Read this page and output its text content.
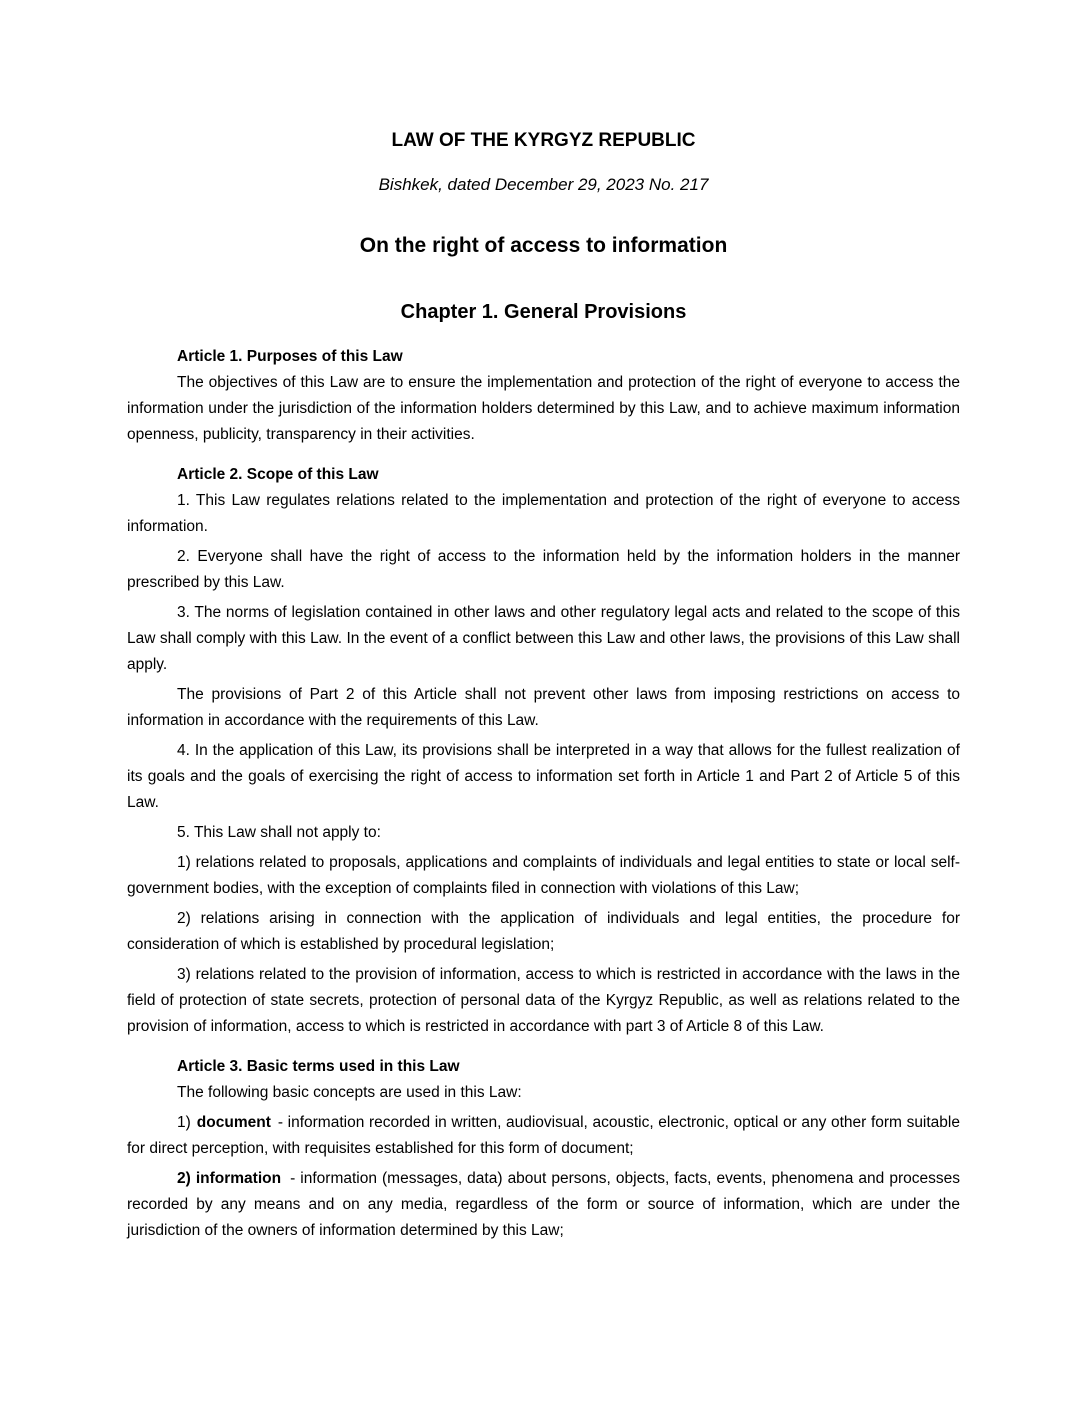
LAW OF THE KYRGYZ REPUBLIC

Bishkek, dated December 29, 2023 No. 217

On the right of access to information
Chapter 1. General Provisions
Article 1. Purposes of this Law

The objectives of this Law are to ensure the implementation and protection of the right of everyone to access the information under the jurisdiction of the information holders determined by this Law, and to achieve maximum information openness, publicity, transparency in their activities.

Article 2. Scope of this Law

1. This Law regulates relations related to the implementation and protection of the right of everyone to access information.

2. Everyone shall have the right of access to the information held by the information holders in the manner prescribed by this Law.

3. The norms of legislation contained in other laws and other regulatory legal acts and related to the scope of this Law shall comply with this Law. In the event of a conflict between this Law and other laws, the provisions of this Law shall apply.

The provisions of Part 2 of this Article shall not prevent other laws from imposing restrictions on access to information in accordance with the requirements of this Law.

4. In the application of this Law, its provisions shall be interpreted in a way that allows for the fullest realization of its goals and the goals of exercising the right of access to information set forth in Article 1 and Part 2 of Article 5 of this Law.

5. This Law shall not apply to:

1) relations related to proposals, applications and complaints of individuals and legal entities to state or local self-government bodies, with the exception of complaints filed in connection with violations of this Law;

2) relations arising in connection with the application of individuals and legal entities, the procedure for consideration of which is established by procedural legislation;

3) relations related to the provision of information, access to which is restricted in accordance with the laws in the field of protection of state secrets, protection of personal data of the Kyrgyz Republic, as well as relations related to the provision of information, access to which is restricted in accordance with part 3 of Article 8 of this Law.

Article 3. Basic terms used in this Law

The following basic concepts are used in this Law:

1) document - information recorded in written, audiovisual, acoustic, electronic, optical or any other form suitable for direct perception, with requisites established for this form of document;

2) information - information (messages, data) about persons, objects, facts, events, phenomena and processes recorded by any means and on any media, regardless of the form or source of information, which are under the jurisdiction of the owners of information determined by this Law;
